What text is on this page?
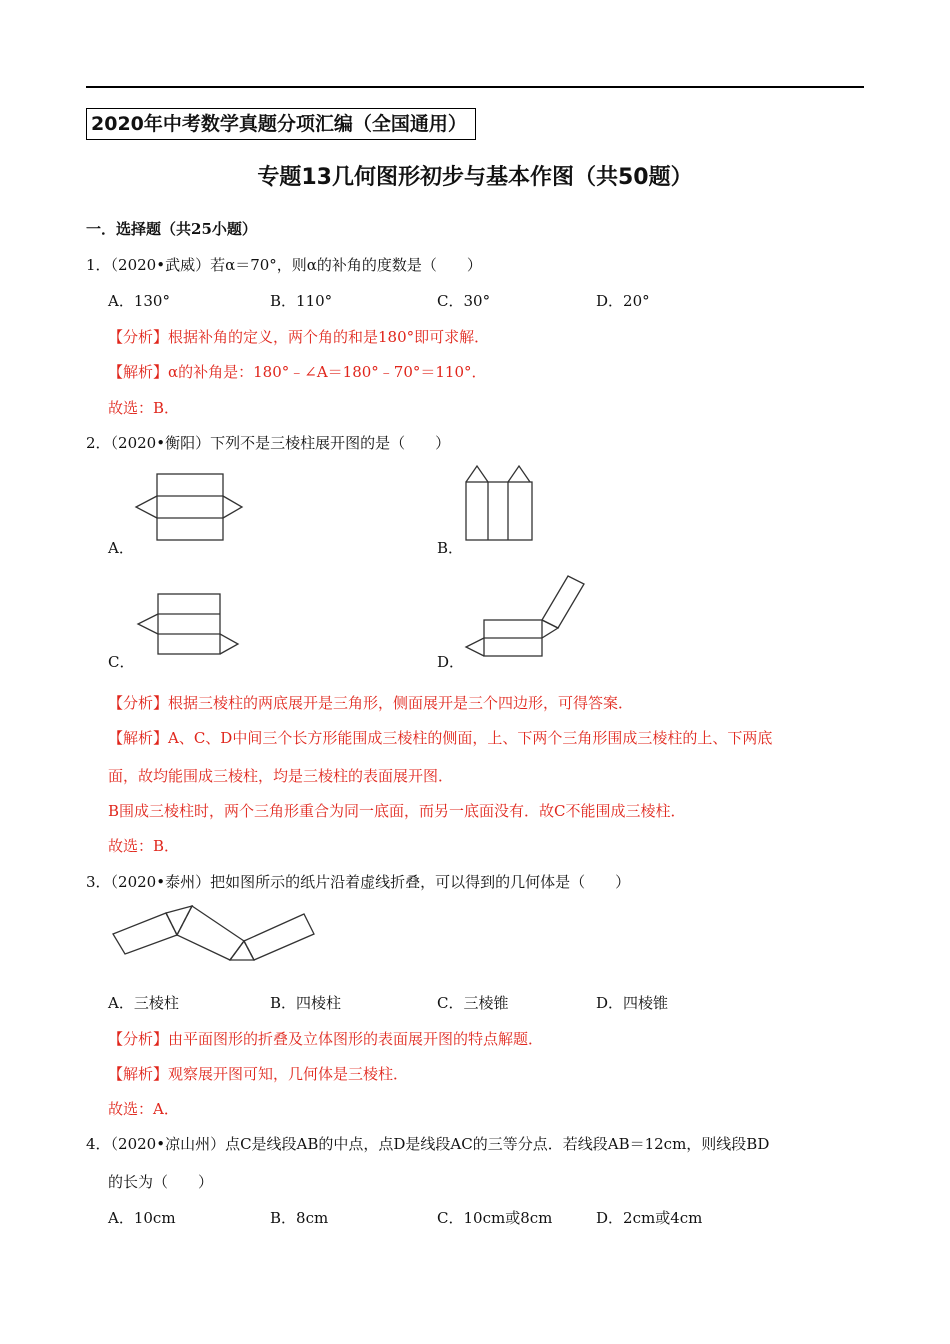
2020年中考数学真题分项汇编（全国通用）
专题13几何图形初步与基本作图（共50题）
一．选择题（共25小题）
1．（2020•武威）若α＝70°，则α的补角的度数是（　　）
A．130°	B．110°	C．30°	D．20°
【分析】根据补角的定义，两个角的和是180°即可求解．
【解析】α的补角是：180°﹣∠A＝180°﹣70°＝110°．
故选：B．
2．（2020•衡阳）下列不是三棱柱展开图的是（　　）
A．	B．
C．	D．
【分析】根据三棱柱的两底展开是三角形，侧面展开是三个四边形，可得答案．
【解析】A、C、D中间三个长方形能围成三棱柱的侧面，上、下两个三角形围成三棱柱的上、下两底
面，故均能围成三棱柱，均是三棱柱的表面展开图．
B围成三棱柱时，两个三角形重合为同一底面，而另一底面没有．故C不能围成三棱柱．
故选：B．
3．（2020•泰州）把如图所示的纸片沿着虚线折叠，可以得到的几何体是（　　）
A．三棱柱	B．四棱柱	C．三棱锥	D．四棱锥
【分析】由平面图形的折叠及立体图形的表面展开图的特点解题．
【解析】观察展开图可知，几何体是三棱柱．
故选：A．
4．（2020•凉山州）点C是线段AB的中点，点D是线段AC的三等分点．若线段AB＝12cm，则线段BD
的长为（　　）
A．10cm	B．8cm	C．10cm或8cm	D．2cm或4cm
